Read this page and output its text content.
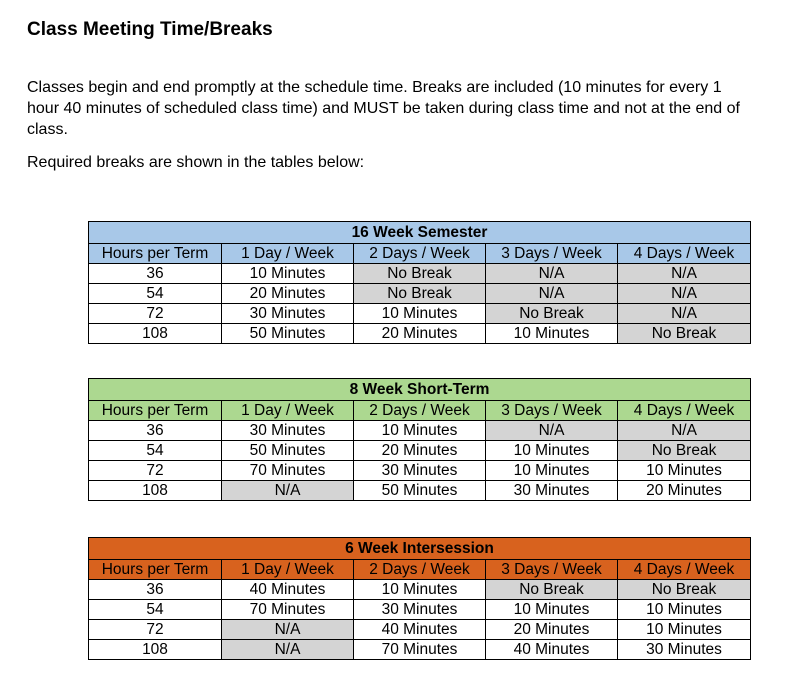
Class Meeting Time/Breaks

Classes begin and end promptly at the schedule time. Breaks are included (10 minutes for every 1 hour 40 minutes of scheduled class time) and MUST be taken during class time and not at the end of class.

Required breaks are shown in the tables below:

16 Week Semester				
Hours per Term	1 Day / Week	2 Days / Week	3 Days / Week	4 Days / Week
36	10 Minutes	No Break	N/A	N/A
54	20 Minutes	No Break	N/A	N/A
72	30 Minutes	10 Minutes	No Break	N/A
108	50 Minutes	20 Minutes	10 Minutes	No Break
8 Week Short-Term				
Hours per Term	1 Day / Week	2 Days / Week	3 Days / Week	4 Days / Week
36	30 Minutes	10 Minutes	N/A	N/A
54	50 Minutes	20 Minutes	10 Minutes	No Break
72	70 Minutes	30 Minutes	10 Minutes	10 Minutes
108	N/A	50 Minutes	30 Minutes	20 Minutes
6 Week Intersession				
Hours per Term	1 Day / Week	2 Days / Week	3 Days / Week	4 Days / Week
36	40 Minutes	10 Minutes	No Break	No Break
54	70 Minutes	30 Minutes	10 Minutes	10 Minutes
72	N/A	40 Minutes	20 Minutes	10 Minutes
108	N/A	70 Minutes	40 Minutes	30 Minutes
